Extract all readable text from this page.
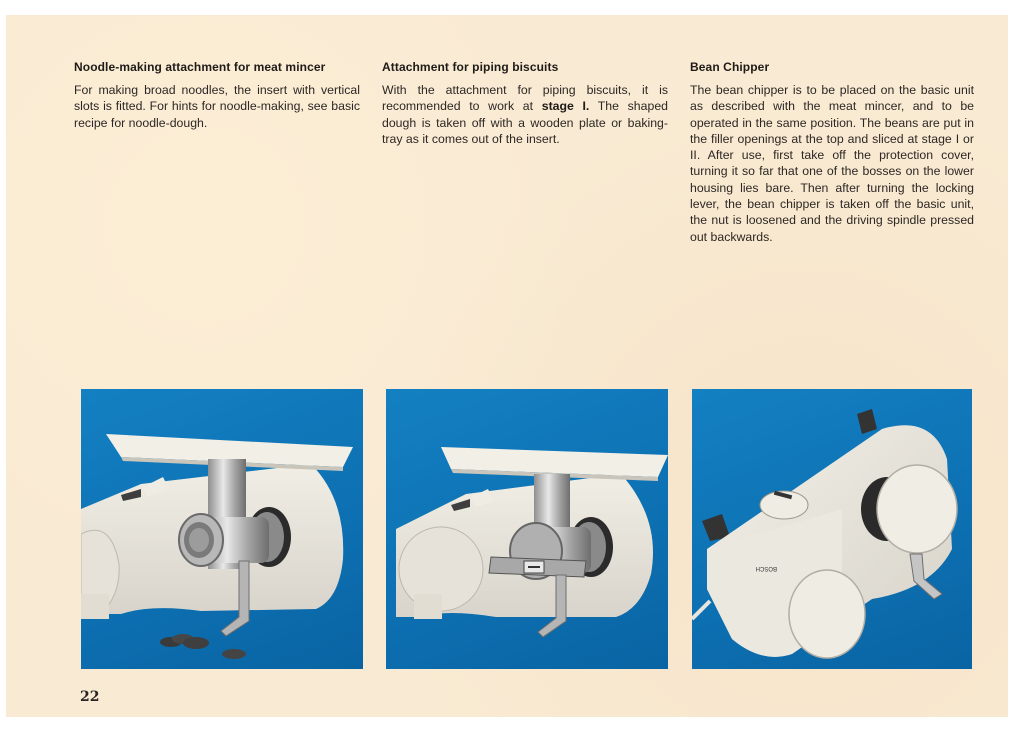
Noodle-making attachment for meat mincer

For making broad noodles, the insert with vertical slots is fitted. For hints for noodle-making, see basic recipe for noodle-dough.

Attachment for piping biscuits

With the attachment for piping biscuits, it is recommended to work at stage I. The shaped dough is taken off with a wooden plate or baking-tray as it comes out of the insert.

Bean Chipper

The bean chipper is to be placed on the basic unit as described with the meat mincer, and to be operated in the same position. The beans are put in the filler openings at the top and sliced at stage I or II. After use, first take off the protection cover, turning it so far that one of the bosses on the lower housing lies bare. Then after turning the locking lever, the bean chipper is taken off the basic unit, the nut is loosened and the driving spindle pressed out backwards.

BOSCH
22
